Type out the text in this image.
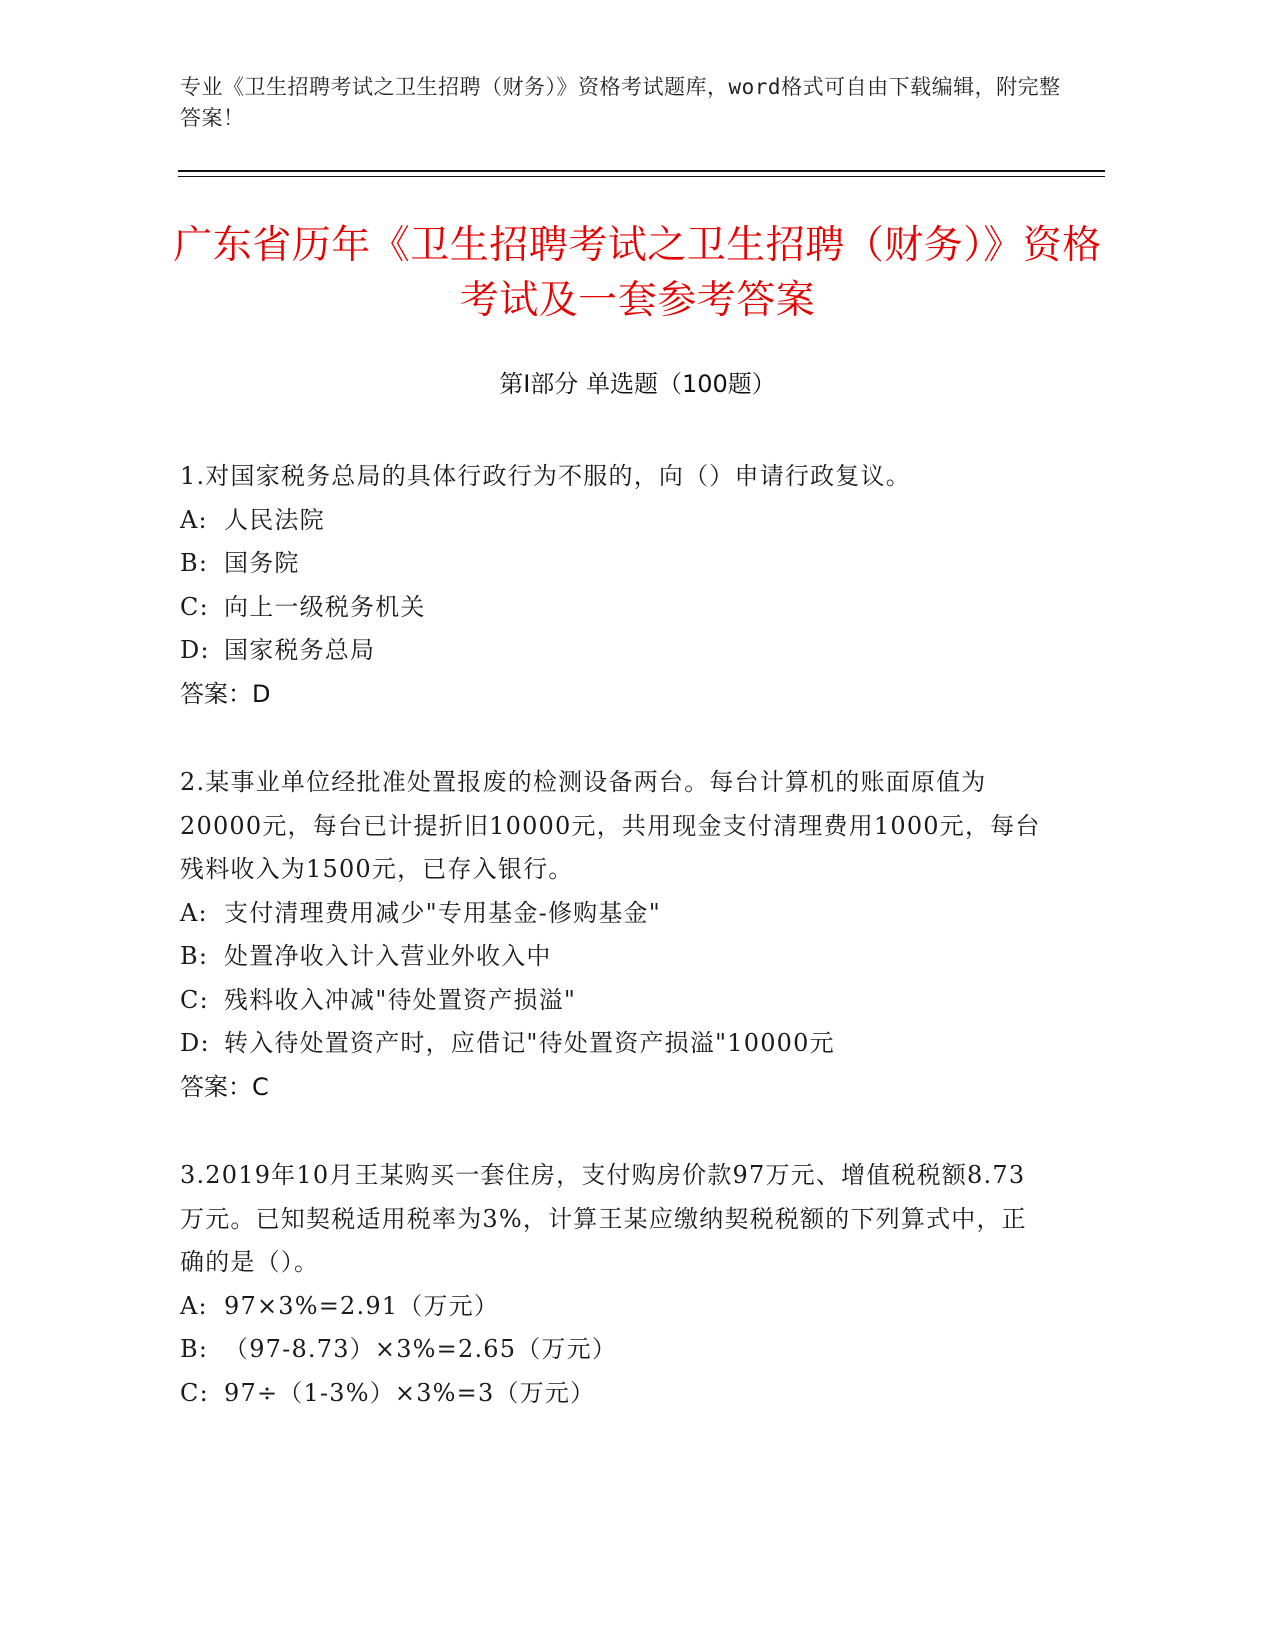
专业《卫生招聘考试之卫生招聘（财务）》资格考试题库，word格式可自由下载编辑，附完整答案！
广东省历年《卫生招聘考试之卫生招聘（财务）》资格考试及一套参考答案
第Ⅰ部分 单选题（100题）
1.对国家税务总局的具体行政行为不服的，向（）申请行政复议。
A: 人民法院
B: 国务院
C: 向上一级税务机关
D: 国家税务总局
答案：D
2.某事业单位经批准处置报废的检测设备两台。每台计算机的账面原值为20000元，每台已计提折旧10000元，共用现金支付清理费用1000元，每台残料收入为1500元，已存入银行。
A: 支付清理费用减少"专用基金-修购基金"
B: 处置净收入计入营业外收入中
C: 残料收入冲减"待处置资产损溢"
D: 转入待处置资产时，应借记"待处置资产损溢"10000元
答案：C
3.2019年10月王某购买一套住房，支付购房价款97万元、增值税税额8.73万元。已知契税适用税率为3%，计算王某应缴纳契税税额的下列算式中，正确的是（）。
A: 97×3%=2.91（万元）
B: （97-8.73）×3%=2.65（万元）
C: 97÷（1-3%）×3%=3（万元）
